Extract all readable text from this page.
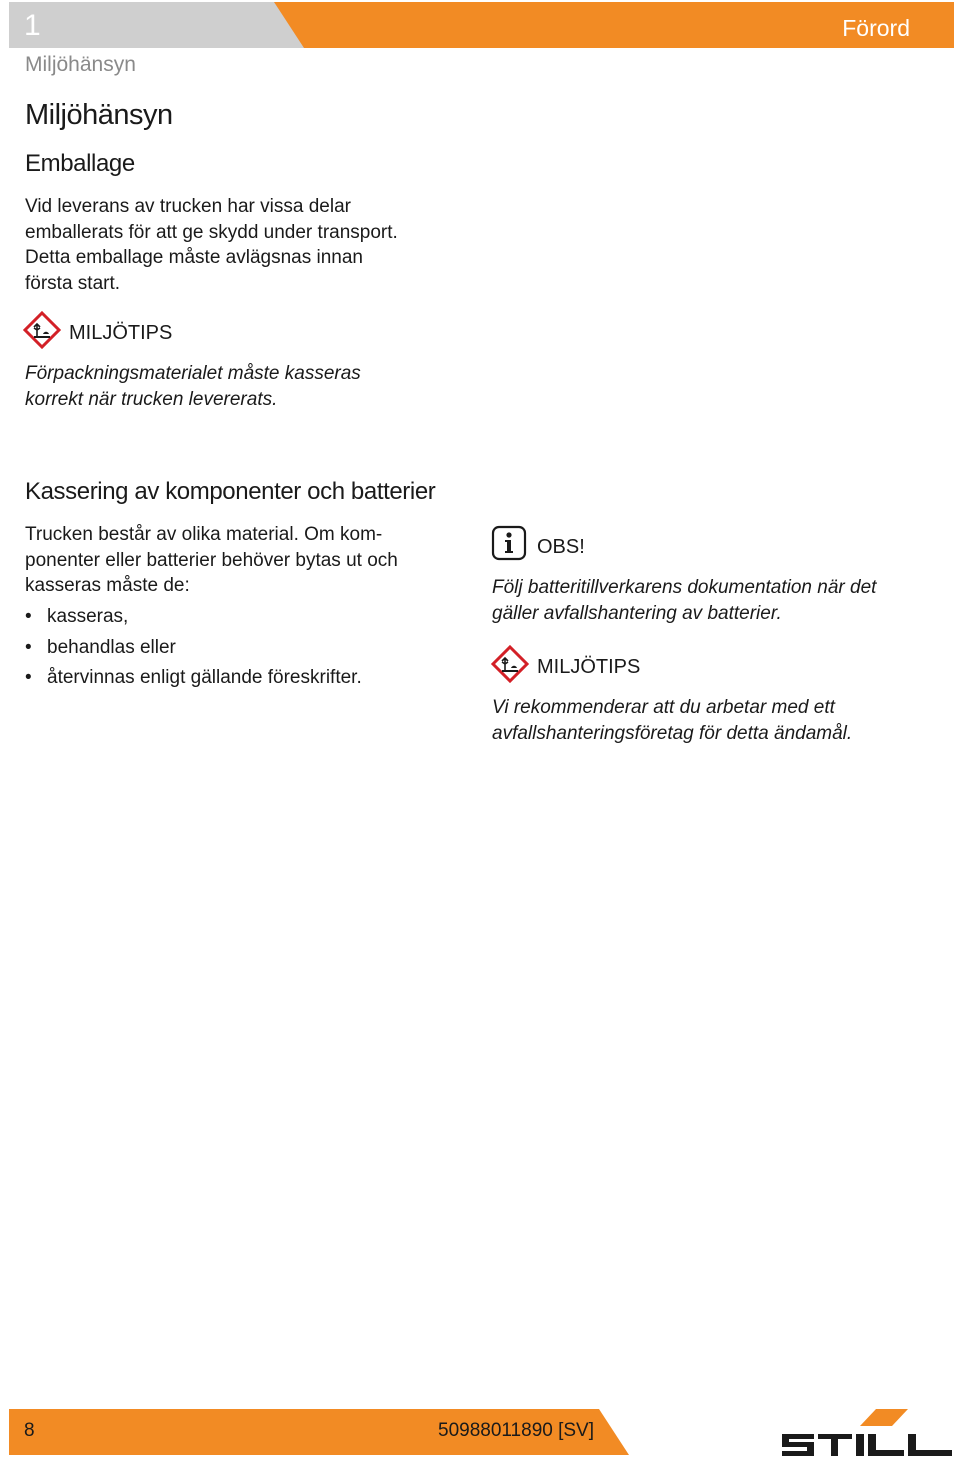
1	Förord
Miljöhänsyn
Miljöhänsyn
Emballage
Vid leverans av trucken har vissa delar
emballerats för att ge skydd under transport.
Detta emballage måste avlägsnas innan
första start.
MILJÖTIPS
Förpackningsmaterialet måste kasseras
korrekt när trucken levererats.
Kassering av komponenter och batterier
Trucken består av olika material. Om kom-
ponenter eller batterier behöver bytas ut och
kasseras måste de:
• kasseras,
• behandlas eller
• återvinnas enligt gällande föreskrifter.
OBS!
Följ batteritillverkarens dokumentation när det
gäller avfallshantering av batterier.
MILJÖTIPS
Vi rekommenderar att du arbetar med ett
avfallshanteringsföretag för detta ändamål.
8	50988011890 [SV]
